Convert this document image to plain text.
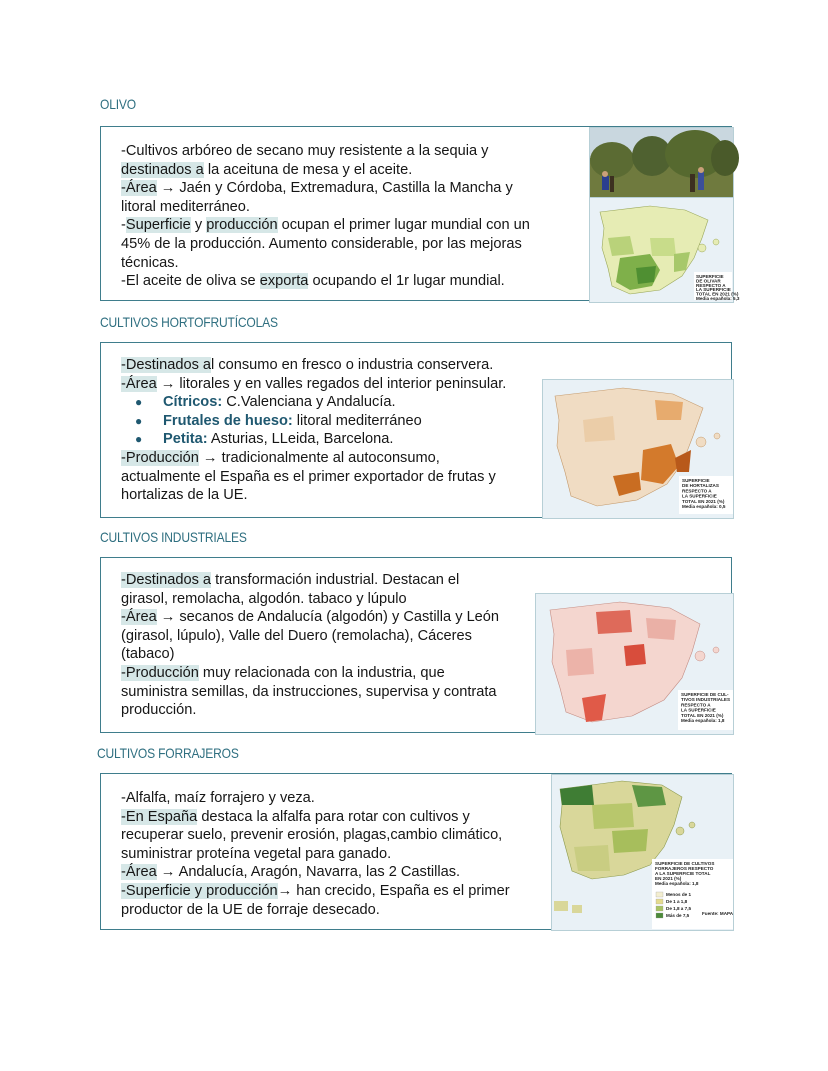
OLIVO

-Cultivos arbóreo de secano muy resistente a la sequia y

destinados a la aceituna de mesa y el aceite.

-Área → Jaén y Córdoba, Extremadura, Castilla la Mancha y

litoral mediterráneo.

-Superficie y producción ocupan el primer lugar mundial con un

45% de la producción. Aumento considerable, por las mejoras

técnicas.

-El aceite de oliva se exporta ocupando el 1r lugar mundial.	SUPERFICIE
DE OLIVAR
RESPECTO A
LA SUPERFICIE
TOTAL EN 2021 (%)
Media española: 5,3
CULTIVOS HORTOFRUTÍCOLAS

-Destinados al consumo en fresco o industria conservera.

-Área → litorales y en valles regados del interior peninsular.

● Cítricos: C.Valenciana y Andalucía.

● Frutales de hueso: litoral mediterráneo

● Petita: Asturias, LLeida, Barcelona.

-Producción → tradicionalmente al autoconsumo,

actualmente el España es el primer exportador de frutas y

hortalizas de la UE.

SUPERFICIE
DE HORTALIZAS
RESPECTO A
LA SUPERFICIE
TOTAL EN 2021 (%)
Media española: 0,5
CULTIVOS INDUSTRIALES

-Destinados a transformación industrial. Destacan el

girasol, remolacha, algodón. tabaco y lúpulo

-Área → secanos de Andalucía (algodón) y Castilla y León

(girasol, lúpulo), Valle del Duero (remolacha), Cáceres

(tabaco)

-Producción muy relacionada con la industria, que

suministra semillas, da instrucciones, supervisa y contrata

producción.

SUPERFICIE DE CUL-
TIVOS INDUSTRIALES
RESPECTO A
LA SUPERFICIE
TOTAL EN 2021 (%)
Media española: 1,8
CULTIVOS FORRAJEROS

-Alfalfa, maíz forrajero y veza.

-En España destaca la alfalfa para rotar con cultivos y

recuperar suelo, prevenir erosión, plagas,cambio climático,

suministrar proteína vegetal para ganado.

-Área → Andalucía, Aragón, Navarra, las 2 Castillas.

-Superficie y producción→ han crecido, España es el primer

productor de la UE de forraje desecado.

SUPERFICIE DE CULTIVOS
FORRAJEROS RESPECTO
A LA SUPERFICIE TOTAL
EN 2021 (%)
Media española: 1,8
Menos de 1
De 1 a 1,8
De 1,8 a 7,5
Más de 7,5	Fuente: MAPA
